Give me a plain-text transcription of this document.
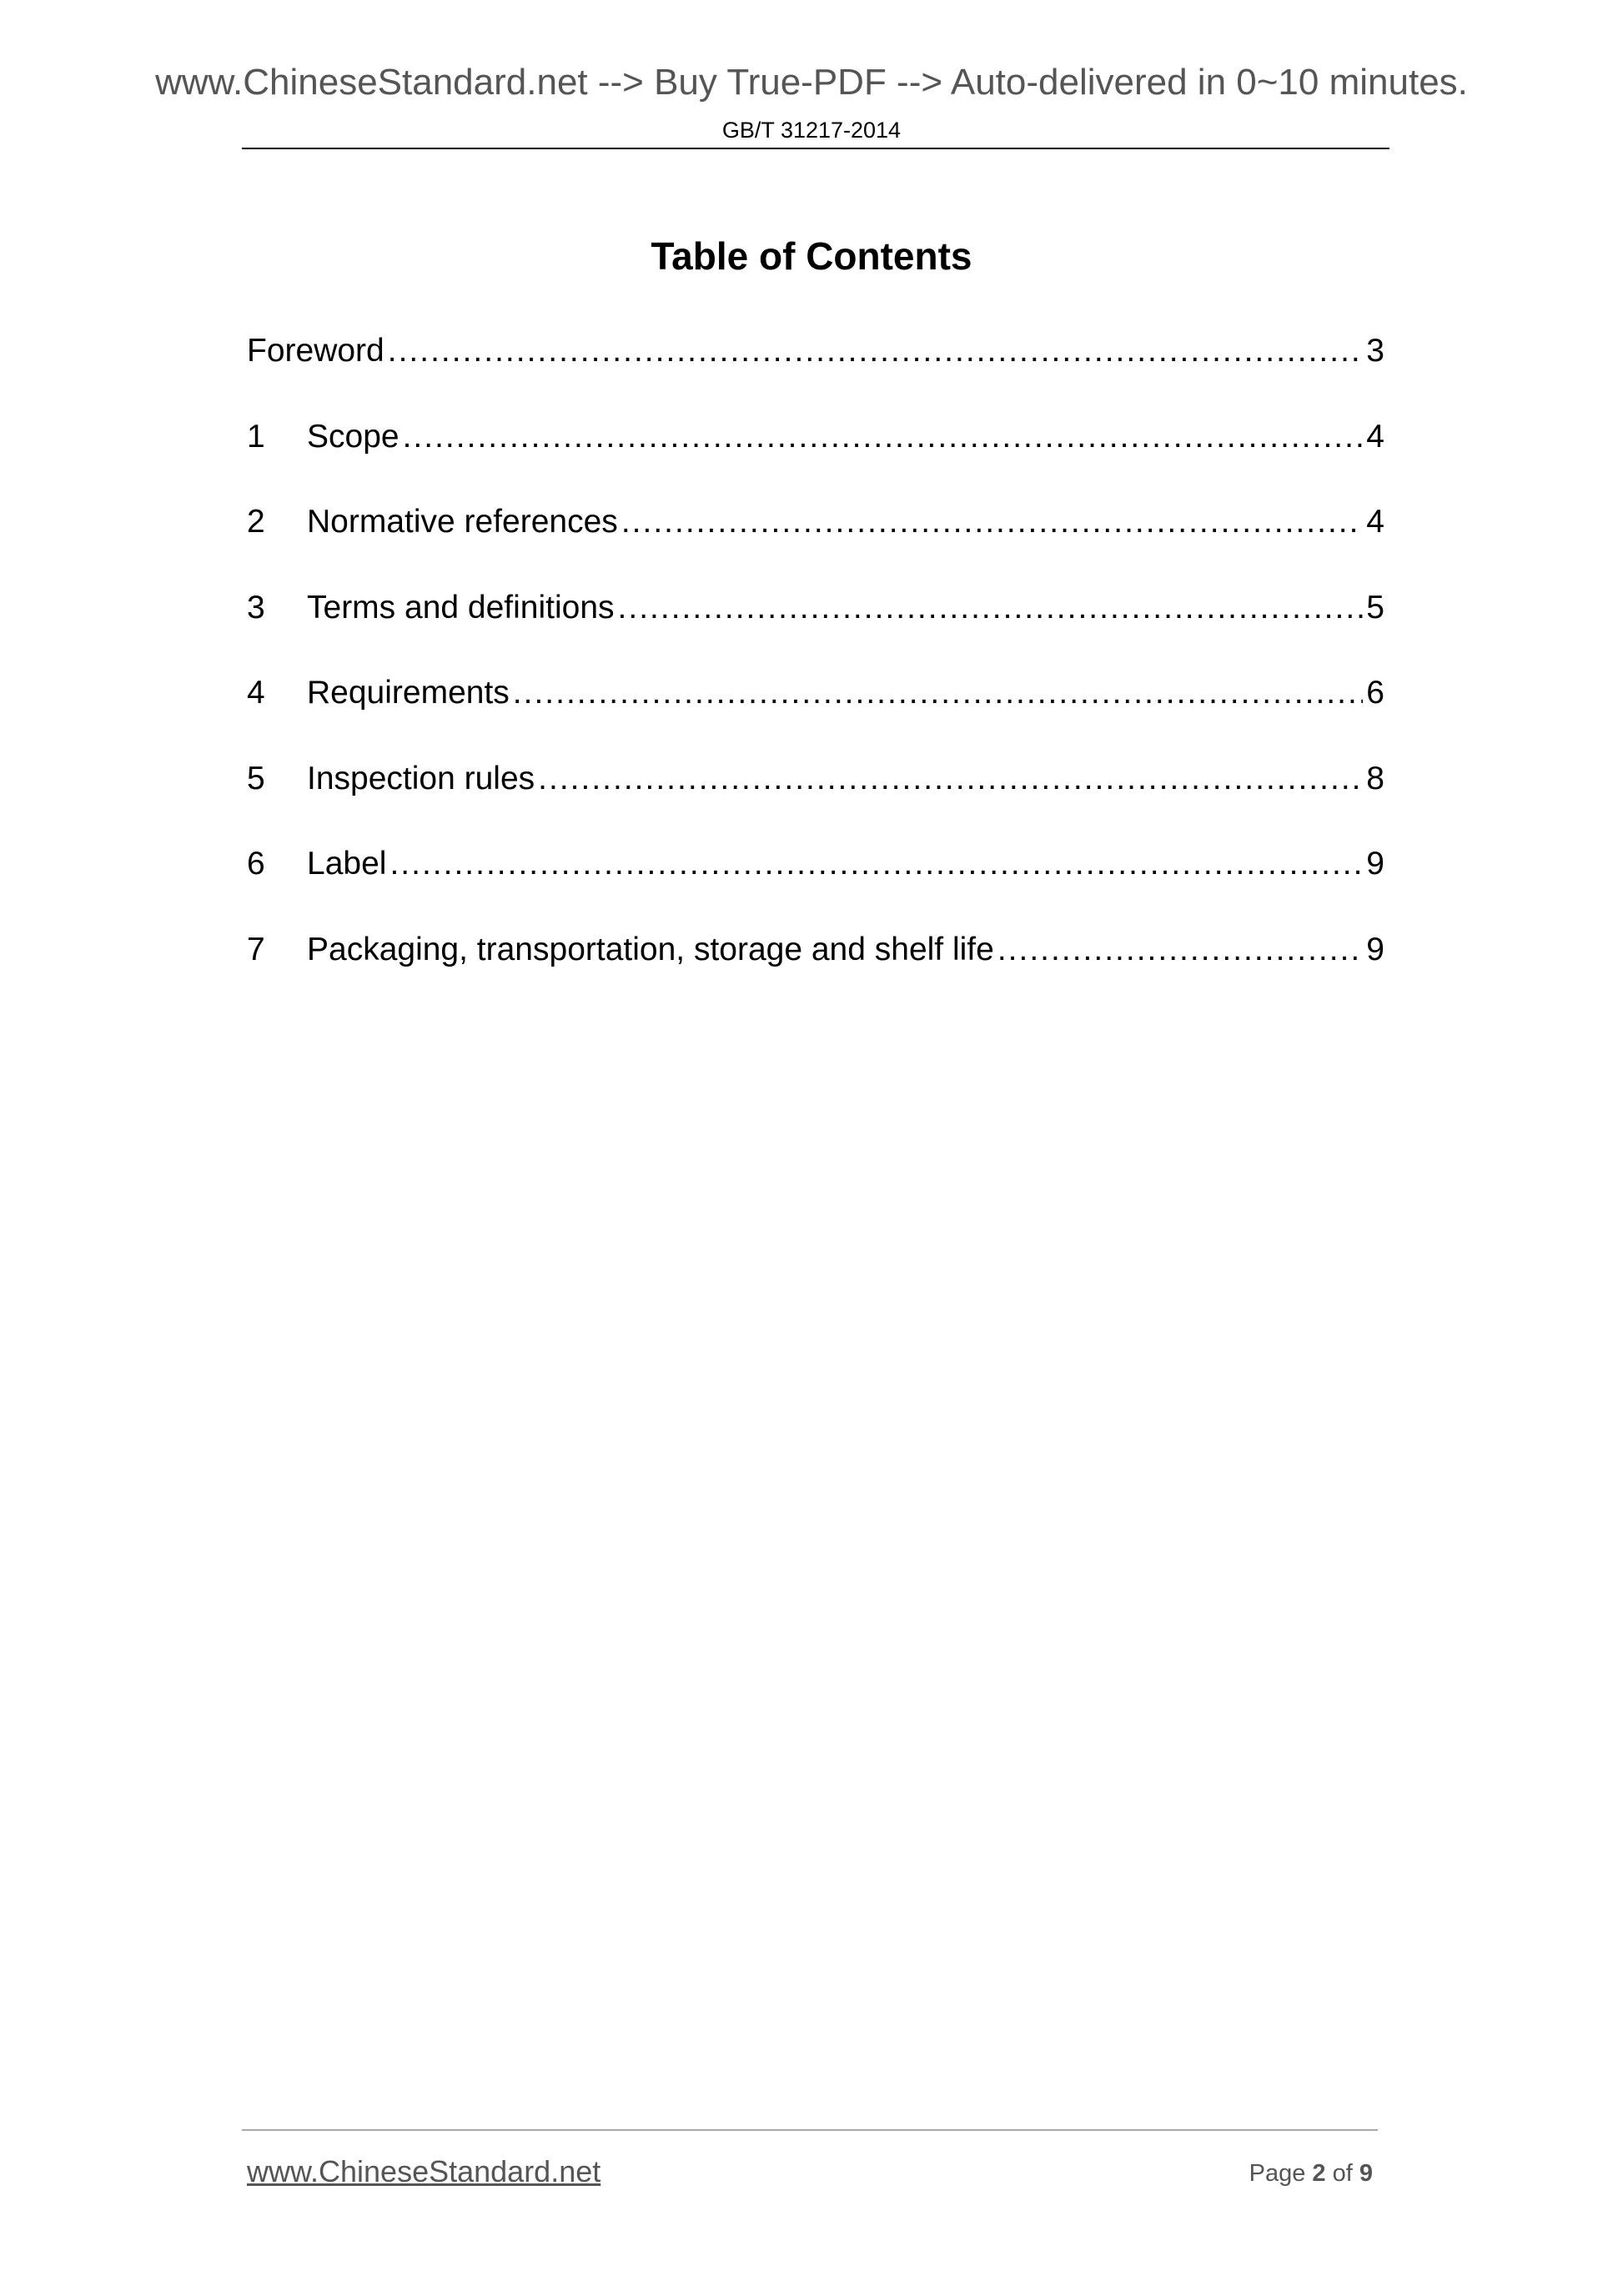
www.ChineseStandard.net --> Buy True-PDF --> Auto-delivered in 0~10 minutes.
GB/T 31217-2014
Table of Contents
Foreword .....	3
1	Scope .....	4
2	Normative references .....	4
3	Terms and definitions .....	5
4	Requirements .....	6
5	Inspection rules .....	8
6	Label .....	9
7	Packaging, transportation, storage and shelf life .....	9
www.ChineseStandard.net	Page 2 of 9
